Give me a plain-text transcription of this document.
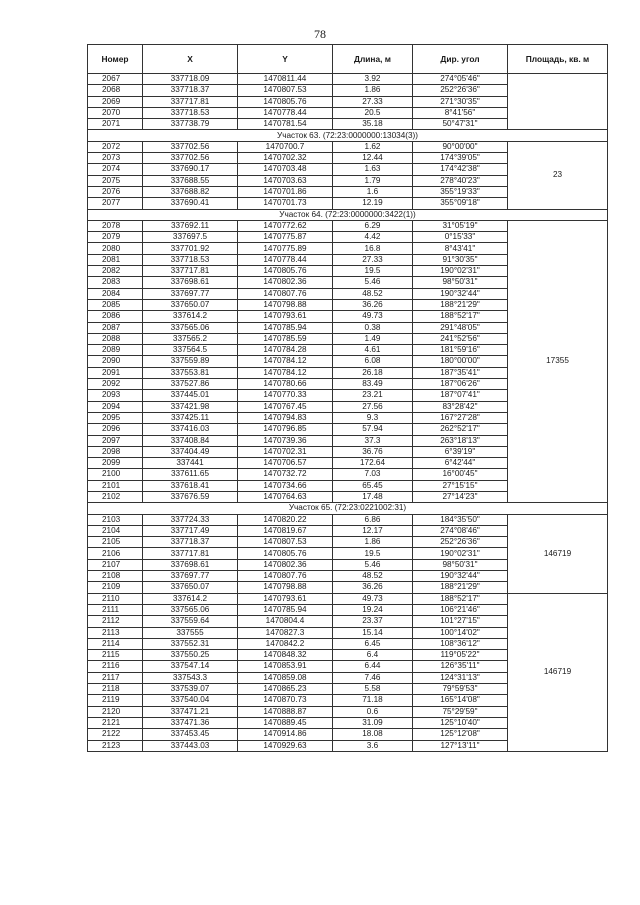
78
Номер	X	Y	Длина, м	Дир. угол	Площадь, кв. м
2067	337718.09	1470811.44	3.92	274°05'46"	
2068	337718.37	1470807.53	1.86	252°26'36"	
2069	337717.81	1470805.76	27.33	271°30'35"	
2070	337718.53	1470778.44	20.5	8°41'56"	
2071	337738.79	1470781.54	35.18	50°47'31"	
Участок 63. (72:23:0000000:13034(3))					
2072	337702.56	1470700.7	1.62	90°00'00"	23
2073	337702.56	1470702.32	12.44	174°39'05"	
2074	337690.17	1470703.48	1.63	174°42'38"	
2075	337688.55	1470703.63	1.79	278°40'23"	
2076	337688.82	1470701.86	1.6	355°19'33"	
2077	337690.41	1470701.73	12.19	355°09'18"	
Участок 64. (72:23:0000000:3422(1))					
2078	337692.11	1470772.62	6.29	31°05'19"	17355
2079	337697.5	1470775.87	4.42	0°15'33"	
2080	337701.92	1470775.89	16.8	8°43'41"	
2081	337718.53	1470778.44	27.33	91°30'35"	
2082	337717.81	1470805.76	19.5	190°02'31"	
2083	337698.61	1470802.36	5.46	98°50'31"	
2084	337697.77	1470807.76	48.52	190°32'44"	
2085	337650.07	1470798.88	36.26	188°21'29"	
2086	337614.2	1470793.61	49.73	188°52'17"	
2087	337565.06	1470785.94	0.38	291°48'05"	
2088	337565.2	1470785.59	1.49	241°52'56"	
2089	337564.5	1470784.28	4.61	181°59'16"	
2090	337559.89	1470784.12	6.08	180°00'00"	
2091	337553.81	1470784.12	26.18	187°35'41"	
2092	337527.86	1470780.66	83.49	187°06'26"	
2093	337445.01	1470770.33	23.21	187°07'41"	
2094	337421.98	1470767.45	27.56	83°28'42"	
2095	337425.11	1470794.83	9.3	167°27'28"	
2096	337416.03	1470796.85	57.94	262°52'17"	
2097	337408.84	1470739.36	37.3	263°18'13"	
2098	337404.49	1470702.31	36.76	6°39'19"	
2099	337441	1470706.57	172.64	6°42'44"	
2100	337611.65	1470732.72	7.03	16°00'45"	
2101	337618.41	1470734.66	65.45	27°15'15"	
2102	337676.59	1470764.63	17.48	27°14'23"	
Участок 65. (72:23:0221002:31)					
2103	337724.33	1470820.22	6.86	184°35'50"	146719
2104	337717.49	1470819.67	12.17	274°08'46"	
2105	337718.37	1470807.53	1.86	252°26'36"	
2106	337717.81	1470805.76	19.5	190°02'31"	
2107	337698.61	1470802.36	5.46	98°50'31"	
2108	337697.77	1470807.76	48.52	190°32'44"	
2109	337650.07	1470798.88	36.26	188°21'29"	
2110	337614.2	1470793.61	49.73	188°52'17"	146719
2111	337565.06	1470785.94	19.24	106°21'46"	
2112	337559.64	1470804.4	23.37	101°27'15"	
2113	337555	1470827.3	15.14	100°14'02"	
2114	337552.31	1470842.2	6.45	108°36'12"	
2115	337550.25	1470848.32	6.4	119°05'22"	
2116	337547.14	1470853.91	6.44	126°35'11"	
2117	337543.3	1470859.08	7.46	124°31'13"	
2118	337539.07	1470865.23	5.58	79°59'53"	
2119	337540.04	1470870.73	71.18	165°14'08"	
2120	337471.21	1470888.87	0.6	75°29'59"	
2121	337471.36	1470889.45	31.09	125°10'40"	
2122	337453.45	1470914.86	18.08	125°12'08"	
2123	337443.03	1470929.63	3.6	127°13'11"	
